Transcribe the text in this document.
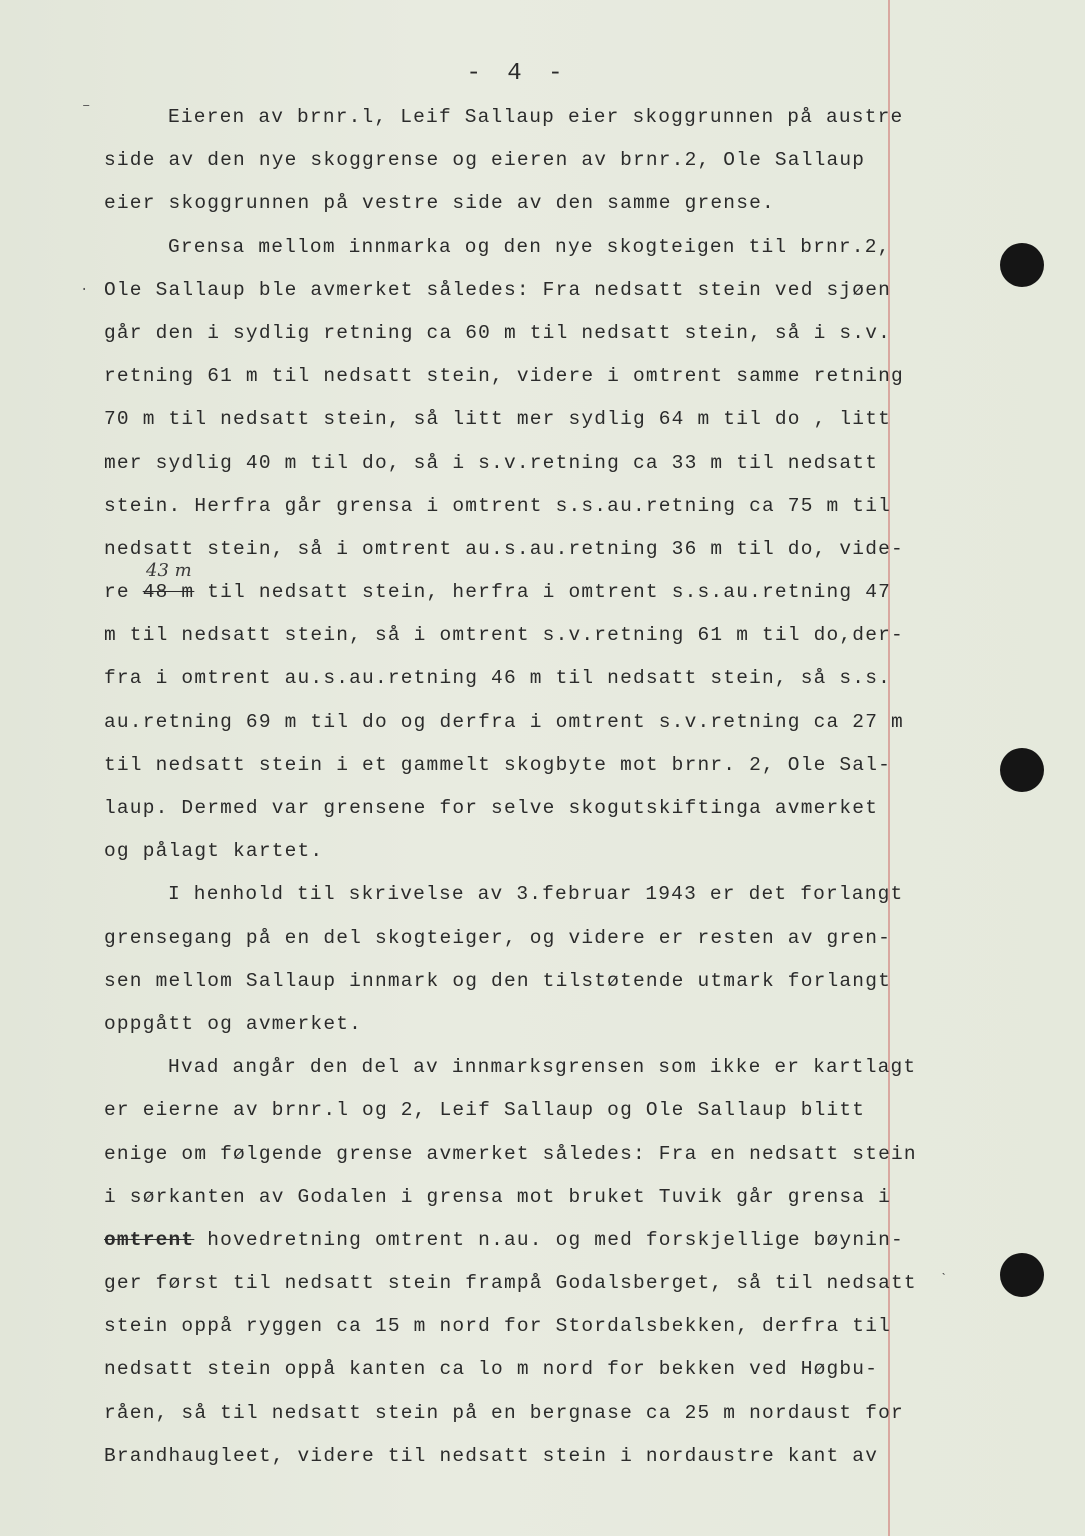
–
·
ˋ
- 4 -
Eieren av brnr.l, Leif Sallaup eier skoggrunnen på austre
side av den nye skoggrense og eieren av brnr.2, Ole Sallaup
eier skoggrunnen på vestre side av den samme grense.
Grensa mellom innmarka og den nye skogteigen til brnr.2,
Ole Sallaup ble avmerket således: Fra nedsatt stein ved sjøen
går den i sydlig retning ca 60 m til nedsatt stein, så i s.v.
retning 61 m til nedsatt stein, videre i omtrent samme retning
70 m til nedsatt stein, så litt mer sydlig 64 m til do , litt
mer sydlig 40 m til do, så i s.v.retning ca 33 m til nedsatt
stein. Herfra går grensa i omtrent s.s.au.retning ca 75 m til
nedsatt stein, så i omtrent au.s.au.retning 36 m til do, vide-
re 48 m til nedsatt stein, herfra i omtrent s.s.au.retning 47
m til nedsatt stein, så i omtrent s.v.retning 61 m til do,der-
fra i omtrent au.s.au.retning 46 m til nedsatt stein, så s.s.
au.retning 69 m til do og derfra i omtrent s.v.retning ca 27 m
til nedsatt stein i et gammelt skogbyte mot brnr. 2, Ole Sal-
laup. Dermed var grensene for selve skogutskiftinga avmerket
og pålagt kartet.
I henhold til skrivelse av 3.februar 1943 er det forlangt
grensegang på en del skogteiger, og videre er resten av gren-
sen mellom Sallaup innmark og den tilstøtende utmark forlangt
oppgått og avmerket.
Hvad angår den del av innmarksgrensen som ikke er kartlagt
er eierne av brnr.l og 2, Leif Sallaup og Ole Sallaup blitt
enige om følgende grense avmerket således: Fra en nedsatt stein
i sørkanten av Godalen i grensa mot bruket Tuvik går grensa i
omtrent hovedretning omtrent n.au. og med forskjellige bøynin-
ger først til nedsatt stein frampå Godalsberget, så til nedsatt
stein oppå ryggen ca 15 m nord for Stordalsbekken, derfra til
nedsatt stein oppå kanten ca lo m nord for bekken ved Høgbu-
råen, så til nedsatt stein på en bergnase ca 25 m nordaust for
Brandhaugleet, videre til nedsatt stein i nordaustre kant av
43 m
